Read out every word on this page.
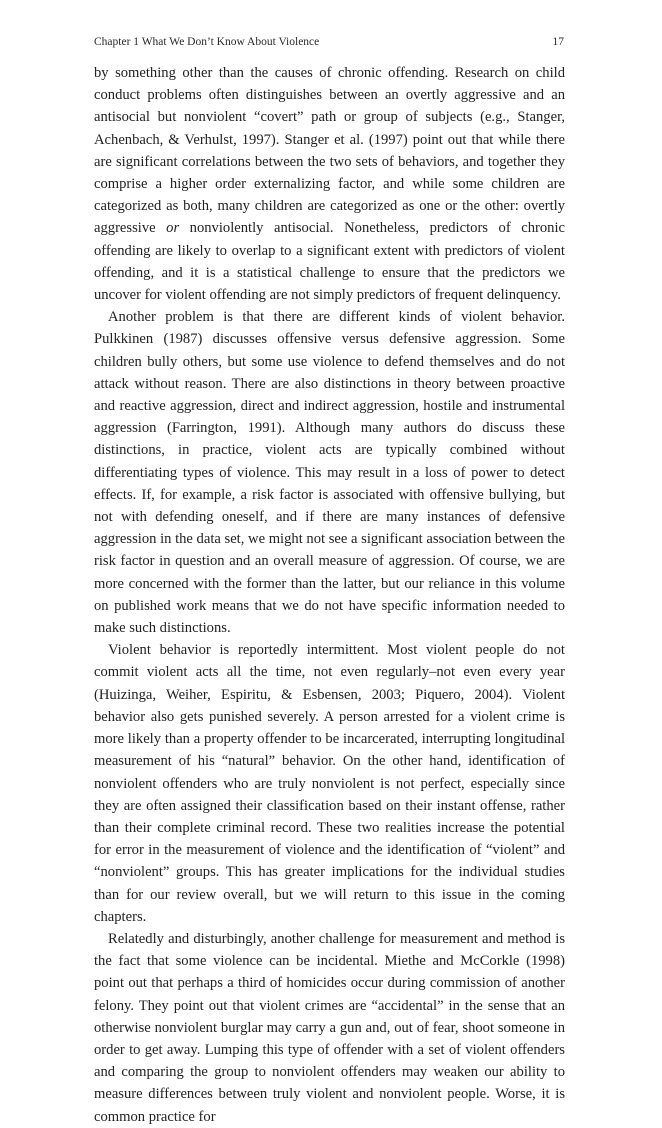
Chapter 1 What We Don’t Know About Violence	17

by something other than the causes of chronic offending. Research on child conduct problems often distinguishes between an overtly aggressive and an antisocial but nonviolent “covert” path or group of subjects (e.g., Stanger, Achenbach, & Verhulst, 1997). Stanger et al. (1997) point out that while there are significant correlations between the two sets of behaviors, and together they comprise a higher order externalizing factor, and while some children are categorized as both, many children are categorized as one or the other: overtly aggressive or nonviolently antisocial. Nonetheless, predictors of chronic offending are likely to overlap to a significant extent with predictors of violent offending, and it is a statistical challenge to ensure that the predictors we uncover for violent offending are not simply predictors of frequent delinquency.

Another problem is that there are different kinds of violent behavior. Pulkkinen (1987) discusses offensive versus defensive aggression. Some children bully others, but some use violence to defend themselves and do not attack without reason. There are also distinctions in theory between proactive and reactive aggression, direct and indirect aggression, hostile and instrumental aggression (Farrington, 1991). Although many authors do discuss these distinctions, in practice, violent acts are typically combined without differentiating types of violence. This may result in a loss of power to detect effects. If, for example, a risk factor is associated with offensive bullying, but not with defending oneself, and if there are many instances of defensive aggression in the data set, we might not see a significant association between the risk factor in question and an overall measure of aggression. Of course, we are more concerned with the former than the latter, but our reliance in this volume on published work means that we do not have specific information needed to make such distinctions.

Violent behavior is reportedly intermittent. Most violent people do not commit violent acts all the time, not even regularly–not even every year (Huizinga, Weiher, Espiritu, & Esbensen, 2003; Piquero, 2004). Violent behavior also gets punished severely. A person arrested for a violent crime is more likely than a property offender to be incarcerated, interrupting longitudinal measurement of his “natural” behavior. On the other hand, identification of nonviolent offenders who are truly nonviolent is not perfect, especially since they are often assigned their classification based on their instant offense, rather than their complete criminal record. These two realities increase the potential for error in the measurement of violence and the identification of “violent” and “nonviolent” groups. This has greater implications for the individual studies than for our review overall, but we will return to this issue in the coming chapters.

Relatedly and disturbingly, another challenge for measurement and method is the fact that some violence can be incidental. Miethe and McCorkle (1998) point out that perhaps a third of homicides occur during commission of another felony. They point out that violent crimes are “accidental” in the sense that an otherwise nonviolent burglar may carry a gun and, out of fear, shoot someone in order to get away. Lumping this type of offender with a set of violent offenders and comparing the group to nonviolent offenders may weaken our ability to measure differences between truly violent and nonviolent people. Worse, it is common practice for
